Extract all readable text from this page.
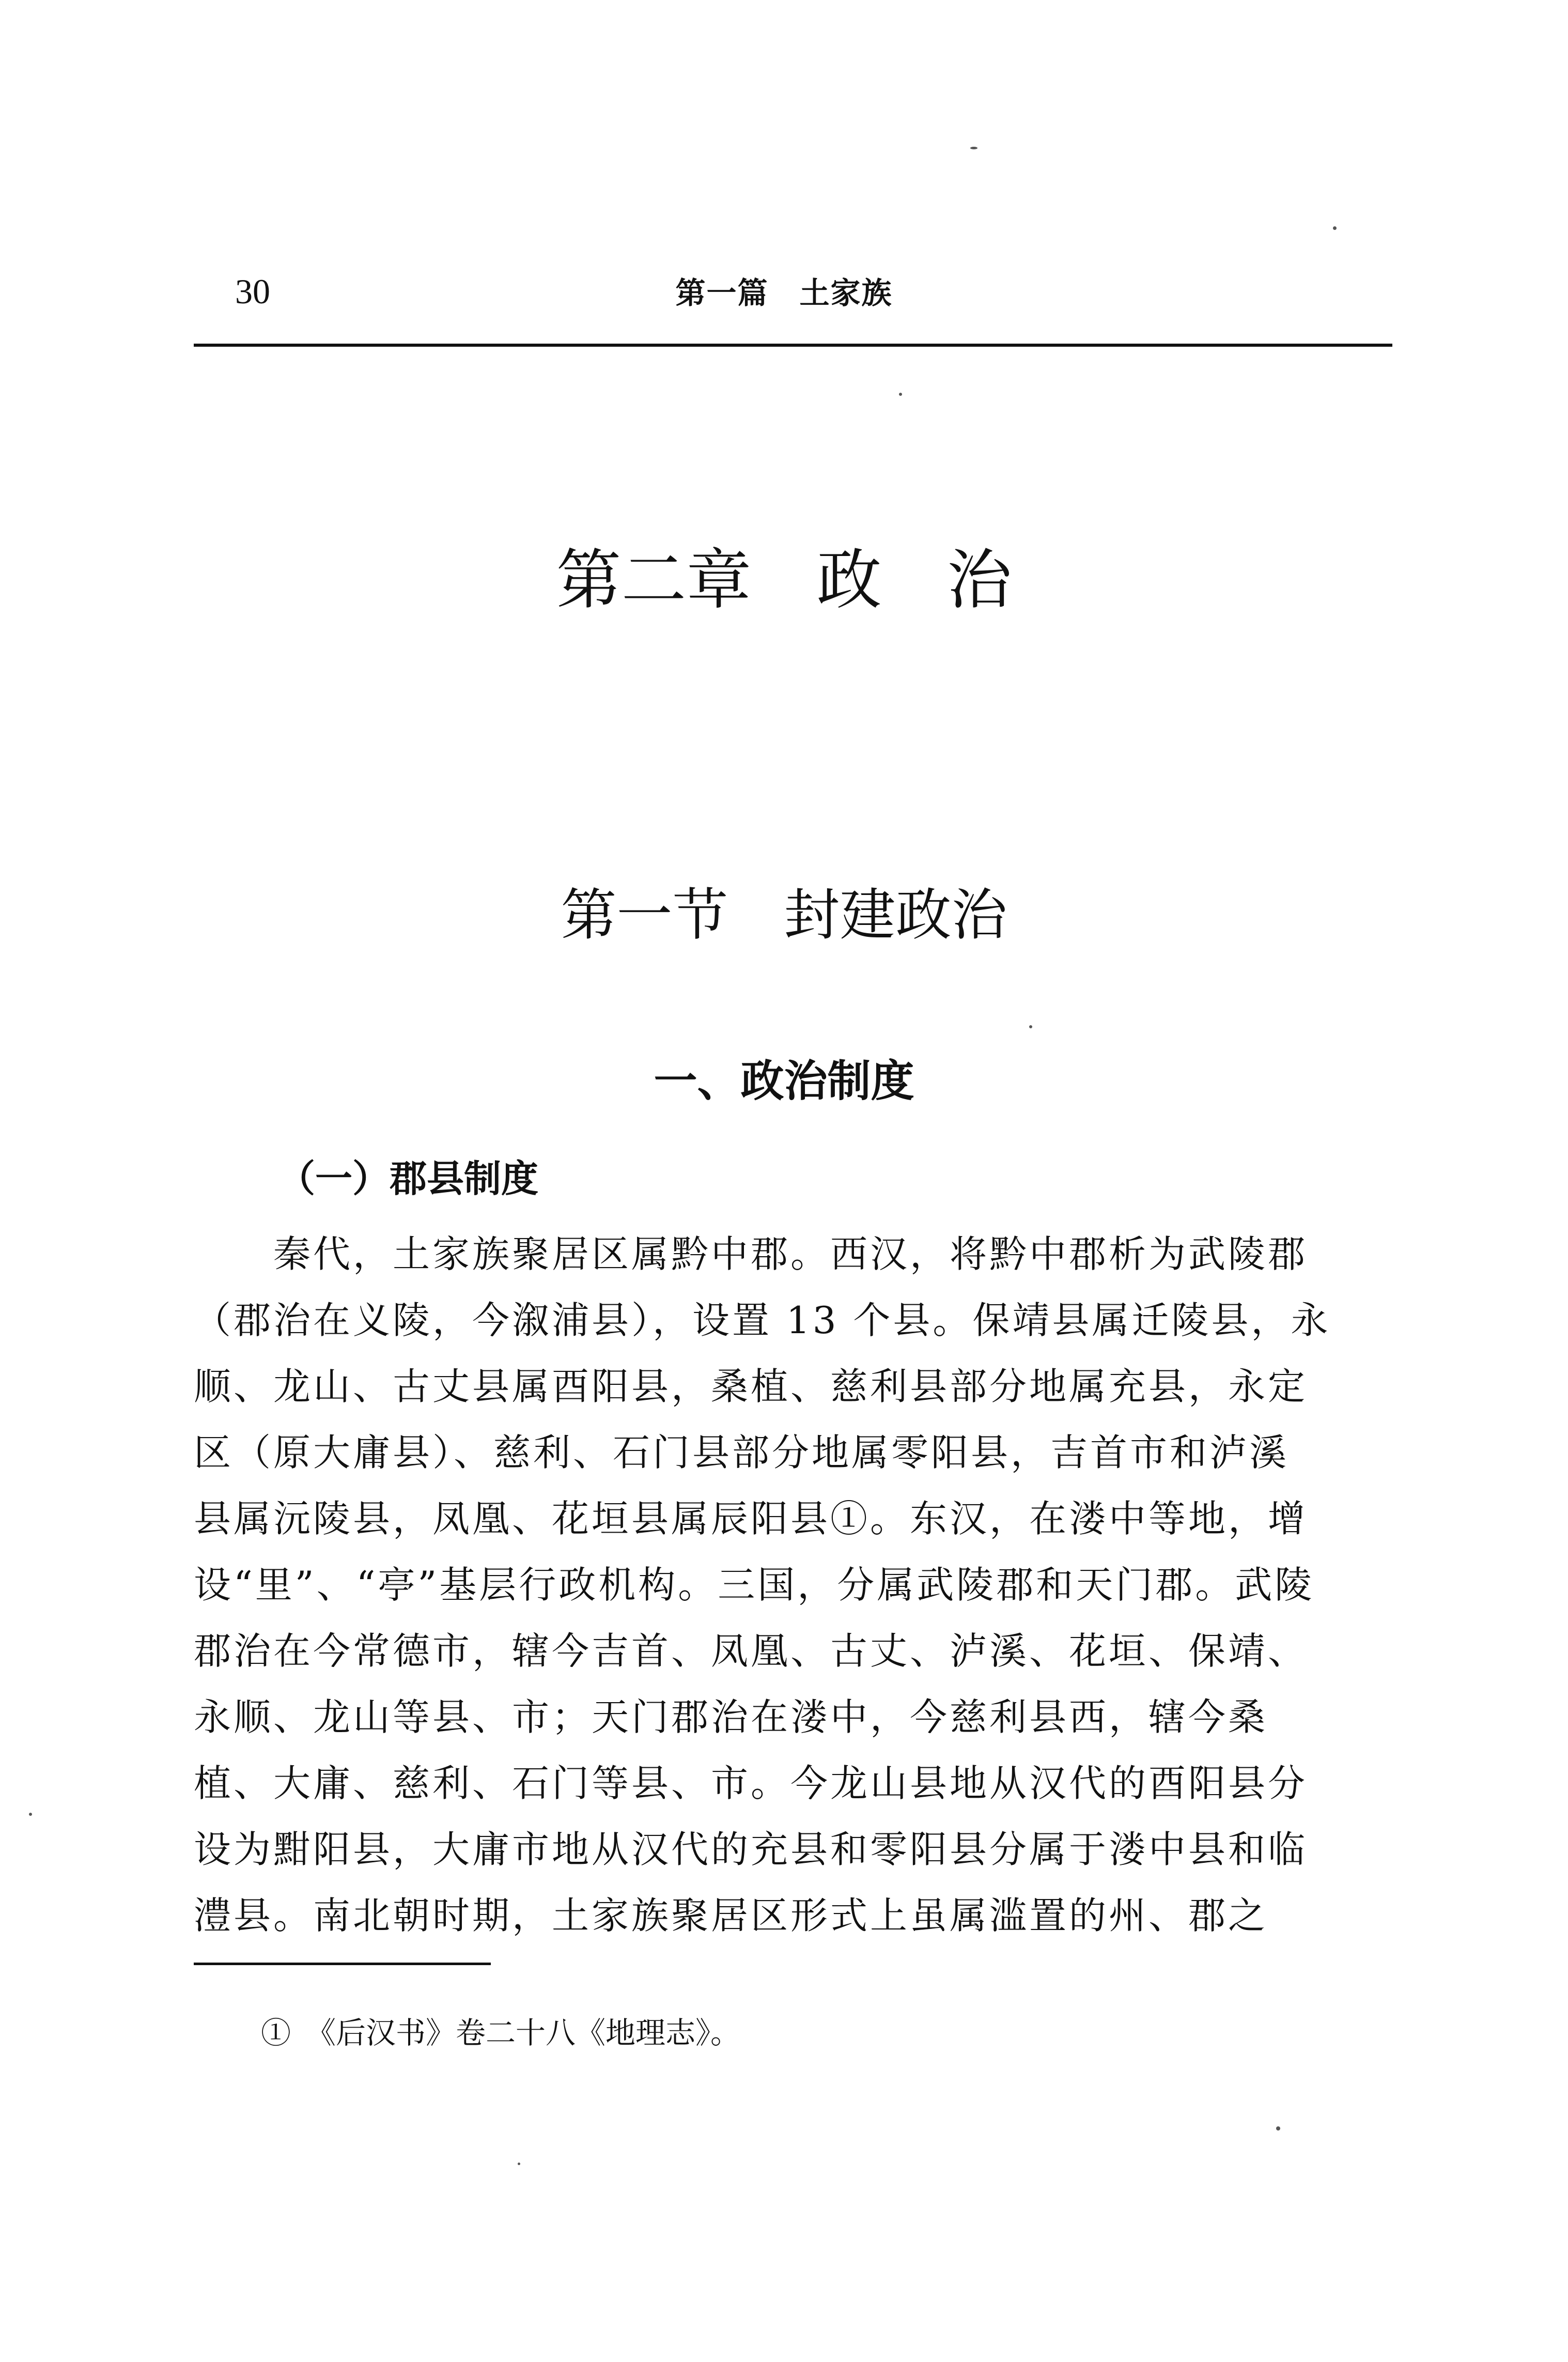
30	第一篇　土家族
第二章　政　治
第一节　封建政治
一、政治制度
（一）郡县制度
　　秦代，土家族聚居区属黔中郡。西汉，将黔中郡析为武陵郡
（郡治在义陵，今溆浦县），设置 13 个县。保靖县属迁陵县，永
顺、龙山、古丈县属酉阳县，桑植、慈利县部分地属充县，永定
区（原大庸县）、慈利、石门县部分地属零阳县，吉首市和泸溪
县属沅陵县，凤凰、花垣县属辰阳县①。东汉，在溇中等地，增
设“里”、“亭”基层行政机构。三国，分属武陵郡和天门郡。武陵
郡治在今常德市，辖今吉首、凤凰、古丈、泸溪、花垣、保靖、
永顺、龙山等县、市；天门郡治在溇中，今慈利县西，辖今桑
植、大庸、慈利、石门等县、市。今龙山县地从汉代的酉阳县分
设为黚阳县，大庸市地从汉代的充县和零阳县分属于溇中县和临
澧县。南北朝时期，土家族聚居区形式上虽属滥置的州、郡之
①　《后汉书》卷二十八《地理志》。
